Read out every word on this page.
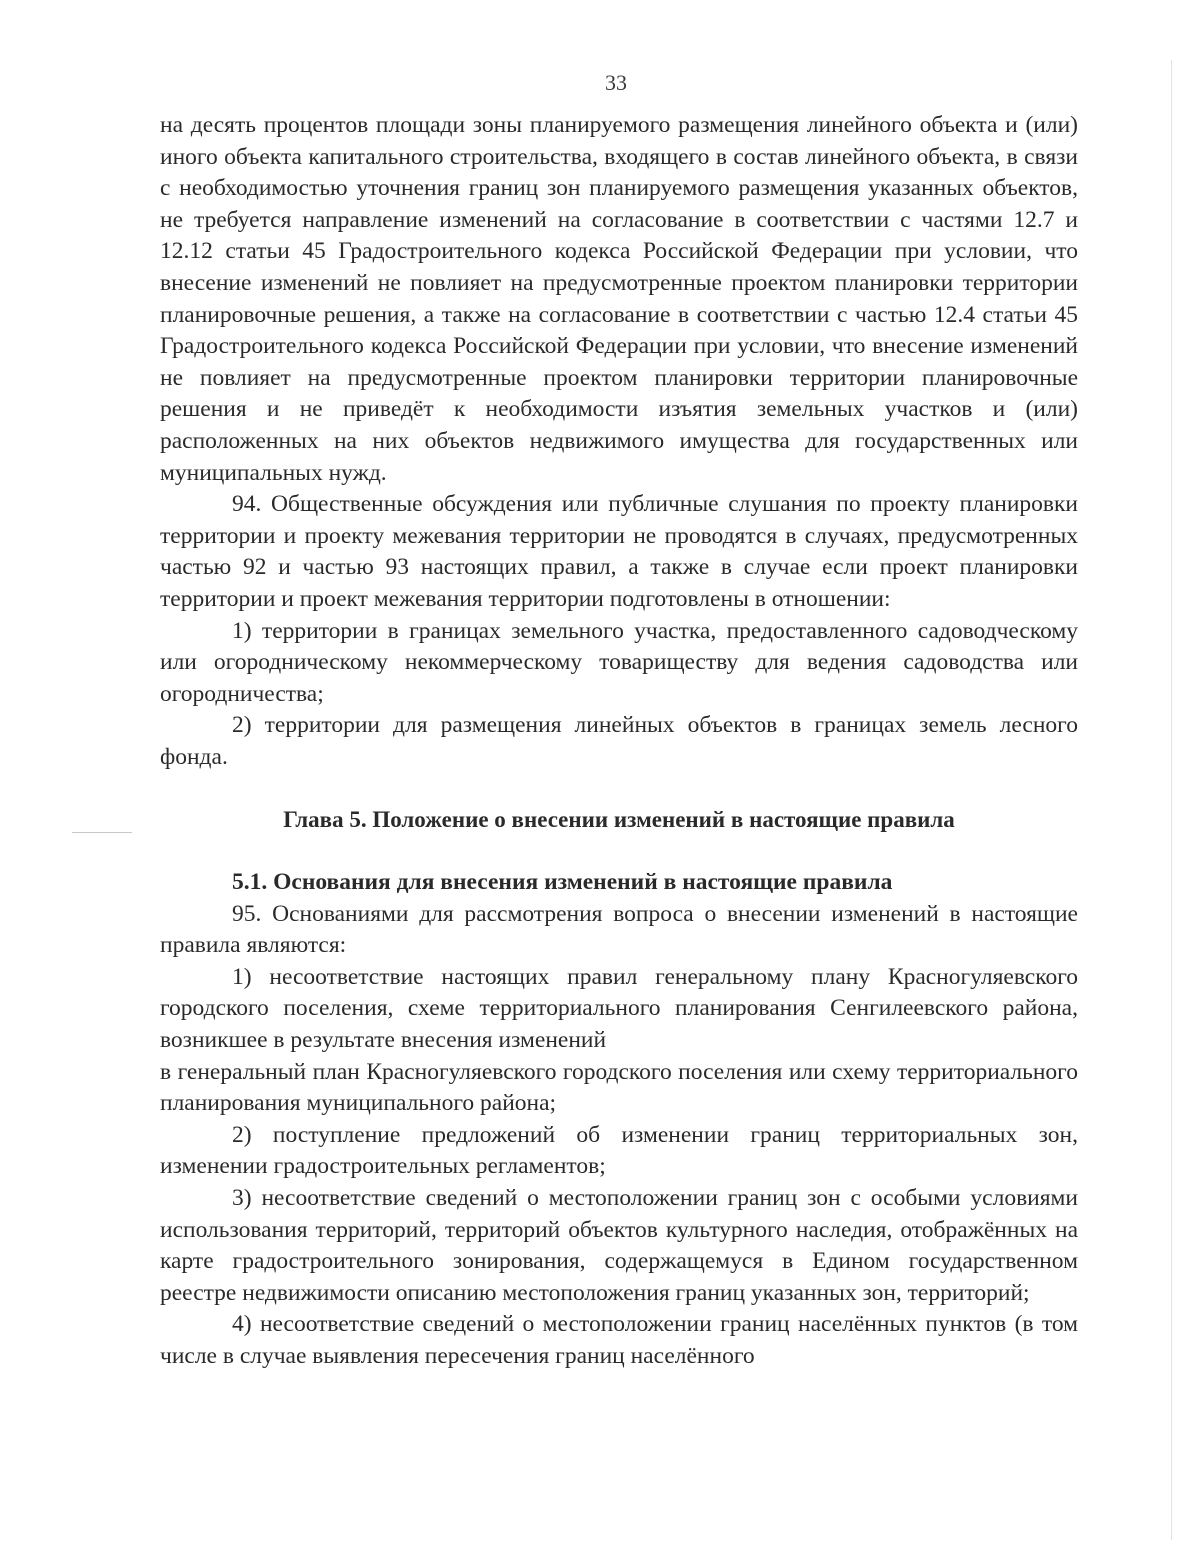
33

на десять процентов площади зоны планируемого размещения линейного объекта и (или) иного объекта капитального строительства, входящего в состав линейного объекта, в связи с необходимостью уточнения границ зон планируемого размещения указанных объектов, не требуется направление изменений на согласование в соответствии с частями 12.7 и 12.12 статьи 45 Градостроительного кодекса Российской Федерации при условии, что внесение изменений не повлияет на предусмотренные проектом планировки территории планировочные решения, а также на согласование в соответствии с частью 12.4 статьи 45 Градостроительного кодекса Российской Федерации при условии, что внесение изменений не повлияет на предусмотренные проектом планировки территории планировочные решения и не приведёт к необходимости изъятия земельных участков и (или) расположенных на них объектов недвижимого имущества для государственных или муниципальных нужд.

94. Общественные обсуждения или публичные слушания по проекту планировки территории и проекту межевания территории не проводятся в случаях, предусмотренных частью 92 и частью 93 настоящих правил, а также в случае если проект планировки территории и проект межевания территории подготовлены в отношении:

1) территории в границах земельного участка, предоставленного садоводческому или огородническому некоммерческому товариществу для ведения садоводства или огородничества;

2) территории для размещения линейных объектов в границах земель лесного фонда.

Глава 5. Положение о внесении изменений в настоящие правила

5.1. Основания для внесения изменений в настоящие правила

95. Основаниями для рассмотрения вопроса о внесении изменений в настоящие правила являются:

1) несоответствие настоящих правил генеральному плану Красногуляевского городского поселения, схеме территориального планирования Сенгилеевского района, возникшее в результате внесения изменений

в генеральный план Красногуляевского городского поселения или схему территориального планирования муниципального района;

2) поступление предложений об изменении границ территориальных зон, изменении градостроительных регламентов;

3) несоответствие сведений о местоположении границ зон с особыми условиями использования территорий, территорий объектов культурного наследия, отображённых на карте градостроительного зонирования, содержащемуся в Едином государственном реестре недвижимости описанию местоположения границ указанных зон, территорий;

4) несоответствие сведений о местоположении границ населённых пунктов (в том числе в случае выявления пересечения границ населённого
